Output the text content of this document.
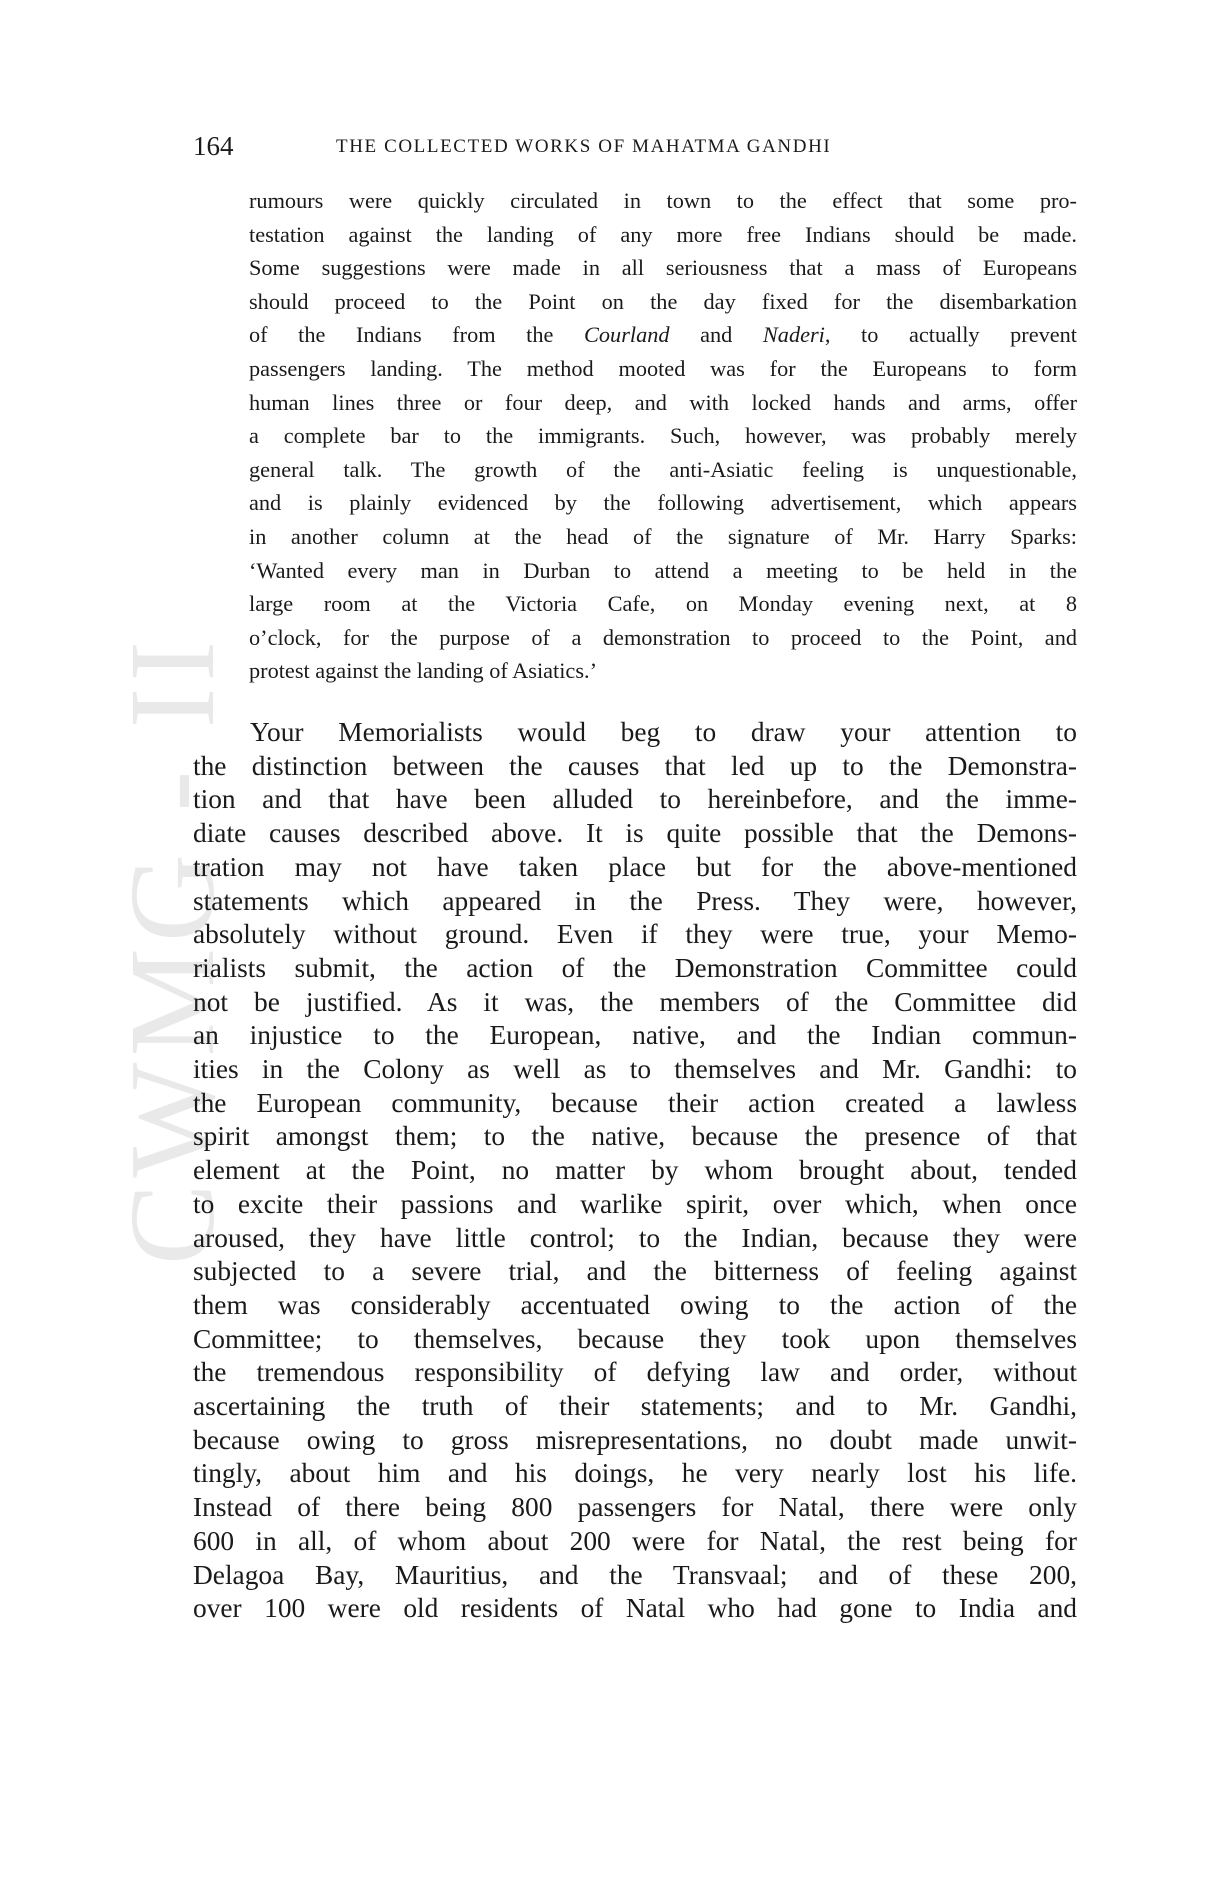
CWMG - II
164	THE COLLECTED WORKS OF MAHATMA GANDHI
rumours were quickly circulated in town to the effect that some pro-
testation against the landing of any more free Indians should be made.
Some suggestions were made in all seriousness that a mass of Europeans
should proceed to the Point on the day fixed for the disembarkation
of the Indians from the Courland and Naderi, to actually prevent
passengers landing. The method mooted was for the Europeans to form
human lines three or four deep, and with locked hands and arms, offer
a complete bar to the immigrants. Such, however, was probably merely
general talk. The growth of the anti-Asiatic feeling is unquestionable,
and is plainly evidenced by the following advertisement, which appears
in another column at the head of the signature of Mr. Harry Sparks:
‘Wanted every man in Durban to attend a meeting to be held in the
large room at the Victoria Cafe, on Monday evening next, at 8
o’clock, for the purpose of a demonstration to proceed to the Point, and
protest against the landing of Asiatics.’
Your Memorialists would beg to draw your attention to
the distinction between the causes that led up to the Demonstra-
tion and that have been alluded to hereinbefore, and the imme-
diate causes described above. It is quite possible that the Demons-
tration may not have taken place but for the above-mentioned
statements which appeared in the Press. They were, however,
absolutely without ground. Even if they were true, your Memo-
rialists submit, the action of the Demonstration Committee could
not be justified. As it was, the members of the Committee did
an injustice to the European, native, and the Indian commun-
ities in the Colony as well as to themselves and Mr. Gandhi: to
the European community, because their action created a lawless
spirit amongst them; to the native, because the presence of that
element at the Point, no matter by whom brought about, tended
to excite their passions and warlike spirit, over which, when once
aroused, they have little control; to the Indian, because they were
subjected to a severe trial, and the bitterness of feeling against
them was considerably accentuated owing to the action of the
Committee; to themselves, because they took upon themselves
the tremendous responsibility of defying law and order, without
ascertaining the truth of their statements; and to Mr. Gandhi,
because owing to gross misrepresentations, no doubt made unwit-
tingly, about him and his doings, he very nearly lost his life.
Instead of there being 800 passengers for Natal, there were only
600 in all, of whom about 200 were for Natal, the rest being for
Delagoa Bay, Mauritius, and the Transvaal; and of these 200,
over 100 were old residents of Natal who had gone to India and
